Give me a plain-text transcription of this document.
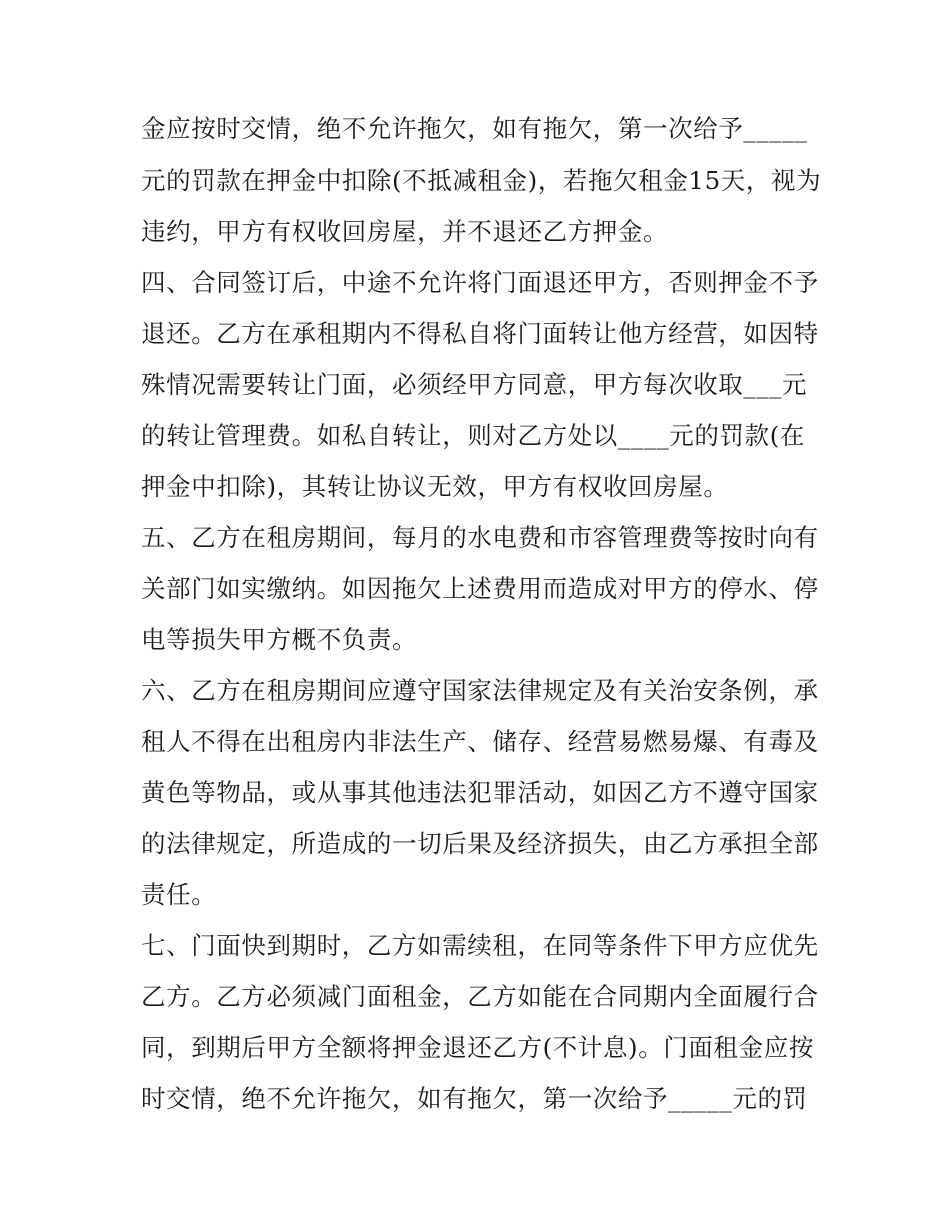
金应按时交情，绝不允许拖欠，如有拖欠，第一次给予_____
元的罚款在押金中扣除(不抵减租金)，若拖欠租金15天，视为
违约，甲方有权收回房屋，并不退还乙方押金。
四、合同签订后，中途不允许将门面退还甲方，否则押金不予
退还。乙方在承租期内不得私自将门面转让他方经营，如因特
殊情况需要转让门面，必须经甲方同意，甲方每次收取___元
的转让管理费。如私自转让，则对乙方处以____元的罚款(在
押金中扣除)，其转让协议无效，甲方有权收回房屋。
五、乙方在租房期间，每月的水电费和市容管理费等按时向有
关部门如实缴纳。如因拖欠上述费用而造成对甲方的停水、停
电等损失甲方概不负责。
六、乙方在租房期间应遵守国家法律规定及有关治安条例，承
租人不得在出租房内非法生产、储存、经营易燃易爆、有毒及
黄色等物品，或从事其他违法犯罪活动，如因乙方不遵守国家
的法律规定，所造成的一切后果及经济损失，由乙方承担全部
责任。
七、门面快到期时，乙方如需续租，在同等条件下甲方应优先
乙方。乙方必须减门面租金，乙方如能在合同期内全面履行合
同，到期后甲方全额将押金退还乙方(不计息)。门面租金应按
时交情，绝不允许拖欠，如有拖欠，第一次给予_____元的罚
